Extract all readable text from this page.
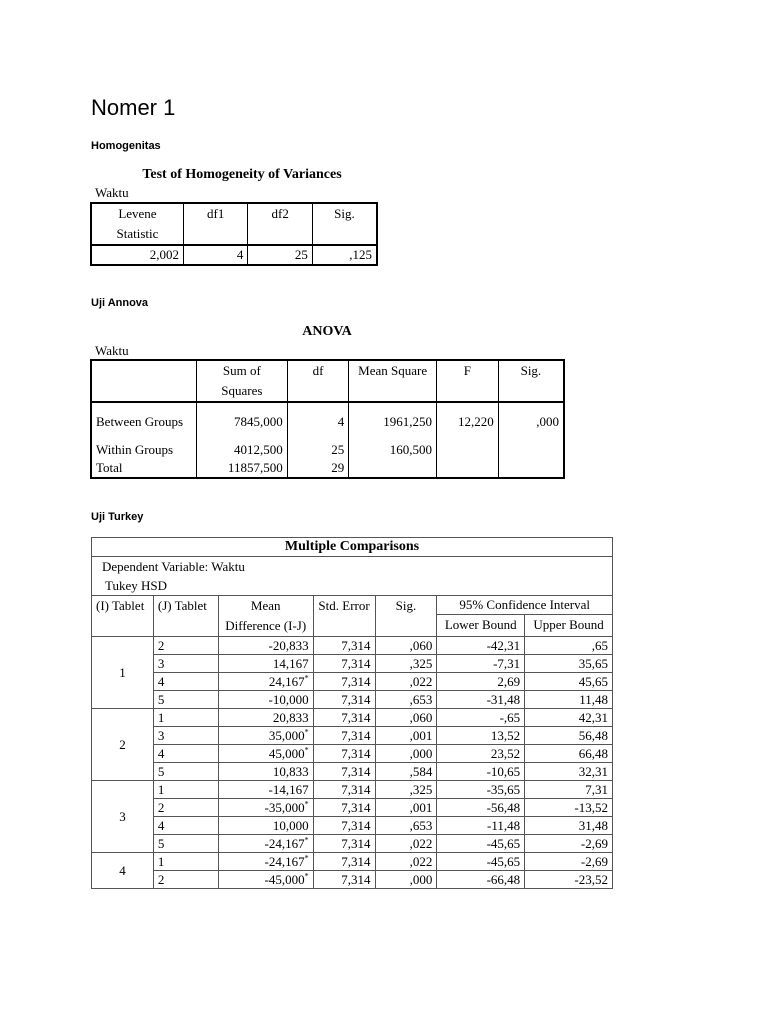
Nomer 1
Homogenitas
Test of Homogeneity of Variances
Waktu
Levene Statistic	df1	df2	Sig.
2,002	4	25	,125
Uji Annova
ANOVA
Waktu
	Sum of Squares	df	Mean Square	F	Sig.
Between Groups	7845,000	4	1961,250	12,220	,000
Within Groups	4012,500	25	160,500		
Total	11857,500	29			
Uji Turkey
Multiple Comparisons						

Dependent Variable: Waktu
Tukey HSD						

(I) Tablet	(J) Tablet	Mean Difference (I-J)	Std. Error	Sig.	95% Confidence Interval	
					Lower Bound	Upper Bound
1	2	-20,833	7,314	,060	-42,31	,65
	3	14,167	7,314	,325	-7,31	35,65
	4	24,167*	7,314	,022	2,69	45,65
	5	-10,000	7,314	,653	-31,48	11,48
2	1	20,833	7,314	,060	-,65	42,31
	3	35,000*	7,314	,001	13,52	56,48
	4	45,000*	7,314	,000	23,52	66,48
	5	10,833	7,314	,584	-10,65	32,31
3	1	-14,167	7,314	,325	-35,65	7,31
	2	-35,000*	7,314	,001	-56,48	-13,52
	4	10,000	7,314	,653	-11,48	31,48
	5	-24,167*	7,314	,022	-45,65	-2,69
4	1	-24,167*	7,314	,022	-45,65	-2,69
	2	-45,000*	7,314	,000	-66,48	-23,52
